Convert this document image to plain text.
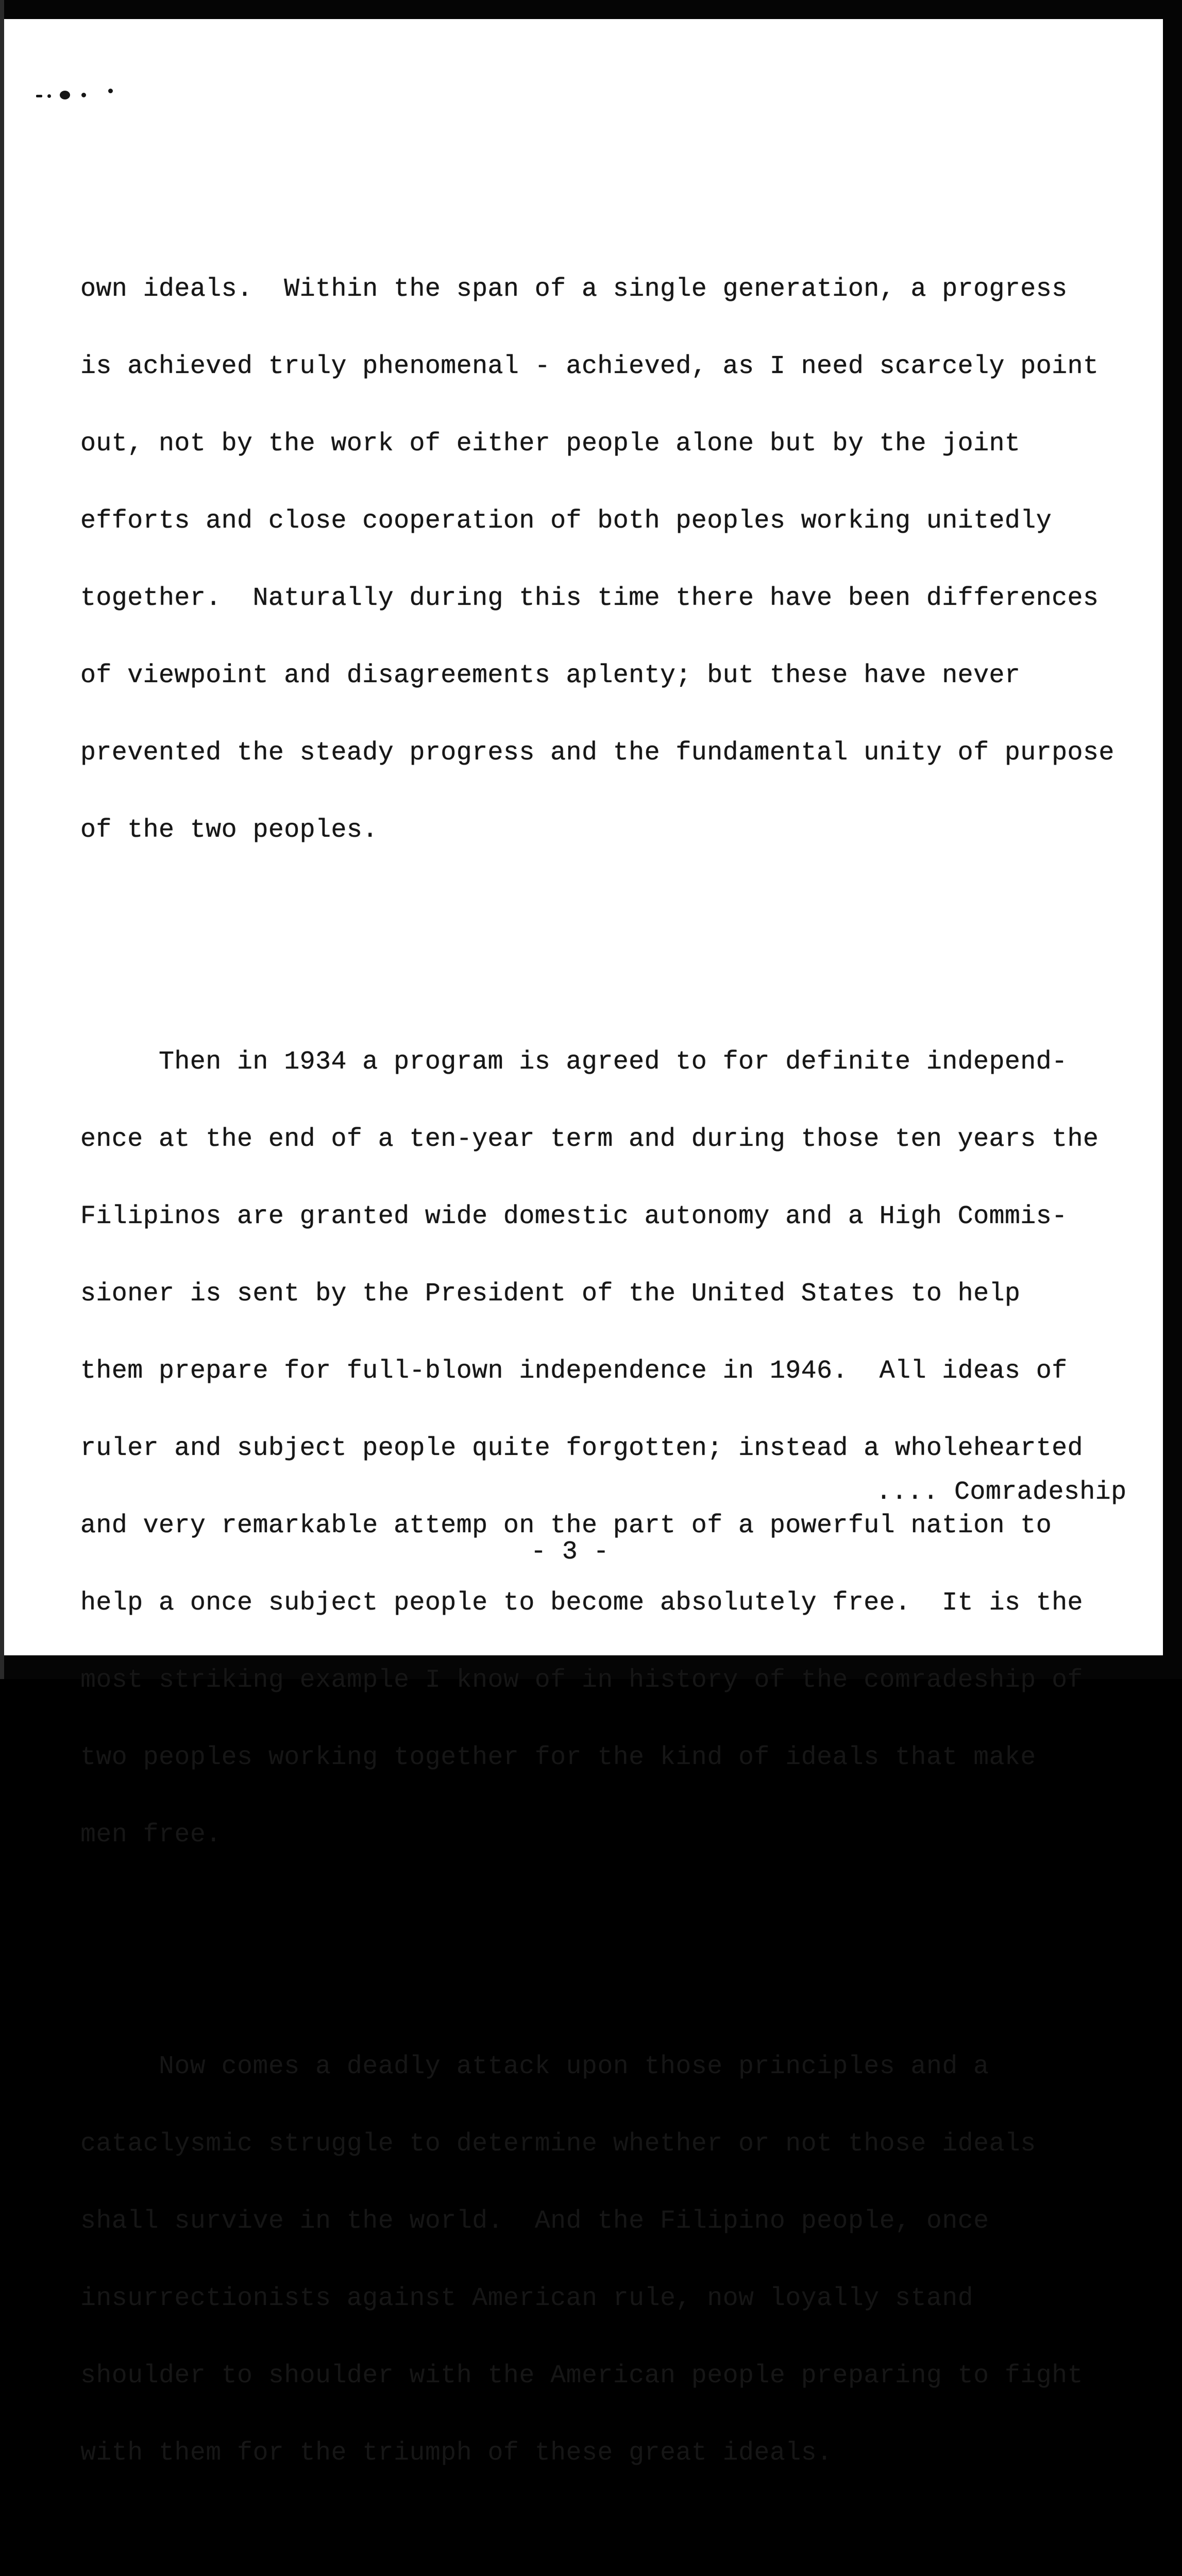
own ideals.  Within the span of a single generation, a progress

is achieved truly phenomenal - achieved, as I need scarcely point

out, not by the work of either people alone but by the joint

efforts and close cooperation of both peoples working unitedly

together.  Naturally during this time there have been differences

of viewpoint and disagreements aplenty; but these have never

prevented the steady progress and the fundamental unity of purpose

of the two peoples.

Then in 1934 a program is agreed to for definite independ-

ence at the end of a ten-year term and during those ten years the

Filipinos are granted wide domestic autonomy and a High Commis-

sioner is sent by the President of the United States to help

them prepare for full-blown independence in 1946.  All ideas of

ruler and subject people quite forgotten; instead a wholehearted

and very remarkable attemp on the part of a powerful nation to

help a once subject people to become absolutely free.  It is the

most striking example I know of in history of the comradeship of

two peoples working together for the kind of ideals that make

men free.

Now comes a deadly attack upon those principles and a

cataclysmic struggle to determine whether or not those ideals

shall survive in the world.  And the Filipino people, once

insurrectionists against American rule, now loyally stand

shoulder to shoulder with the American people preparing to fight

with them for the triumph of these great ideals.

.... Comradeship
- 3 -
